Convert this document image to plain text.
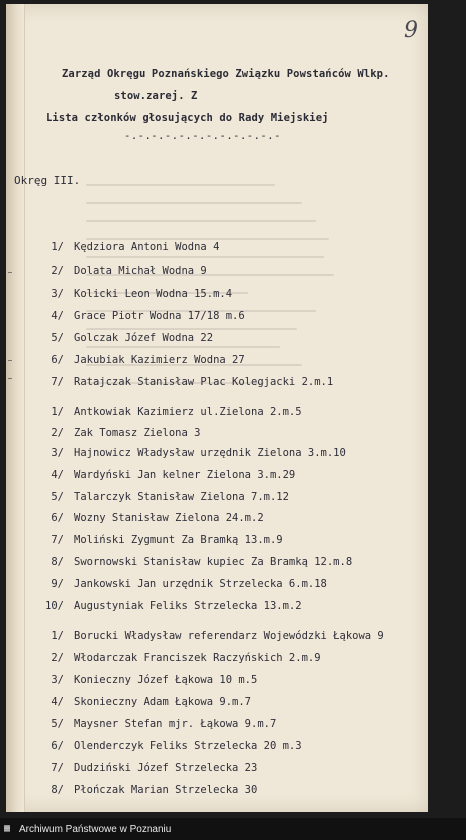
9

Zarząd Okręgu Poznańskiego Związku Powstańców Wlkp.

stow.zarej. Z

Lista członków głosujących do Rady Miejskiej

-.-.-.-.-.-.-.-.-.-.-.-

Okręg III.

1/ Kędziora Antoni Wodna 4

2/ Dolata Michał Wodna 9

3/ Kolicki Leon Wodna 15.m.4

4/ Grace Piotr Wodna 17/18 m.6

5/ Golczak Józef Wodna 22

6/ Jakubiak Kazimierz Wodna 27

7/ Ratajczak Stanisław Plac Kolegjacki 2.m.1

1/ Antkowiak Kazimierz ul.Zielona 2.m.5

2/ Zak Tomasz Zielona 3

3/ Hajnowicz Władysław urzędnik Zielona 3.m.10

4/ Wardyński Jan kelner Zielona 3.m.29

5/ Talarczyk Stanisław Zielona 7.m.12

6/ Wozny Stanisław Zielona 24.m.2

7/ Moliński Zygmunt Za Bramką 13.m.9

8/ Swornowski Stanisław kupiec Za Bramką 12.m.8

9/ Jankowski Jan urzędnik Strzelecka 6.m.18

10/ Augustyniak Feliks Strzelecka 13.m.2

1/ Borucki Władysław referendarz Wojewódzki Łąkowa 9

2/ Włodarczak Franciszek Raczyńskich 2.m.9

3/ Konieczny Józef Łąkowa 10 m.5

4/ Skonieczny Adam Łąkowa 9.m.7

5/ Maysner Stefan mjr. Łąkowa 9.m.7

6/ Olenderczyk Feliks Strzelecka 20 m.3

7/ Dudziński Józef Strzelecka 23

8/ Płończak Marian Strzelecka 30

▦ Archiwum Państwowe w Poznaniu
